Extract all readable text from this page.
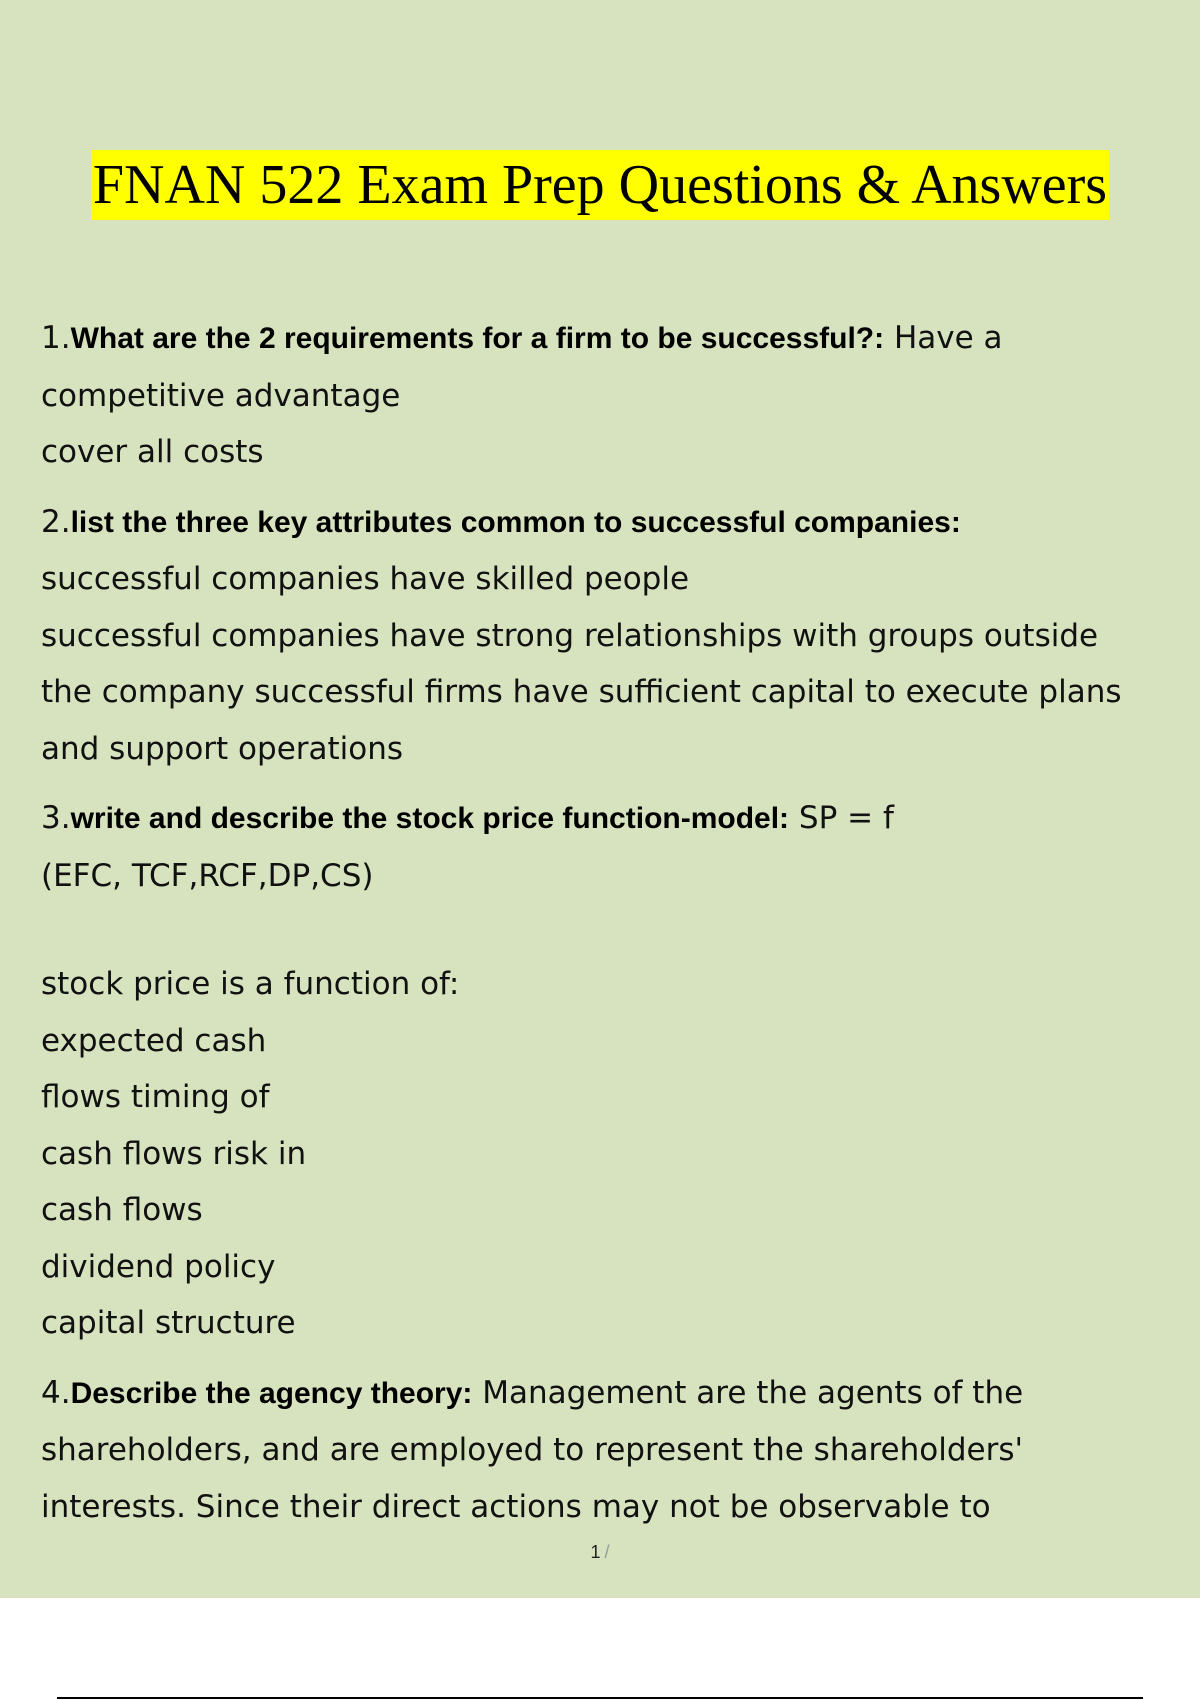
FNAN 522 Exam Prep Questions & Answers
1.What are the 2 requirements for a firm to be successful?: Have a
competitive advantage
cover all costs
2.list the three key attributes common to successful companies:
successful companies have skilled people
successful companies have strong relationships with groups outside
the company successful firms have sufficient capital to execute plans
and support operations
3.write and describe the stock price function-model: SP = f
(EFC, TCF,RCF,DP,CS)
stock price is a function of:
expected cash
flows timing of
cash flows risk in
cash flows
dividend policy
capital structure
4.Describe the agency theory: Management are the agents of the
shareholders, and are employed to represent the shareholders'
interests. Since their direct actions may not be observable to
1 /
